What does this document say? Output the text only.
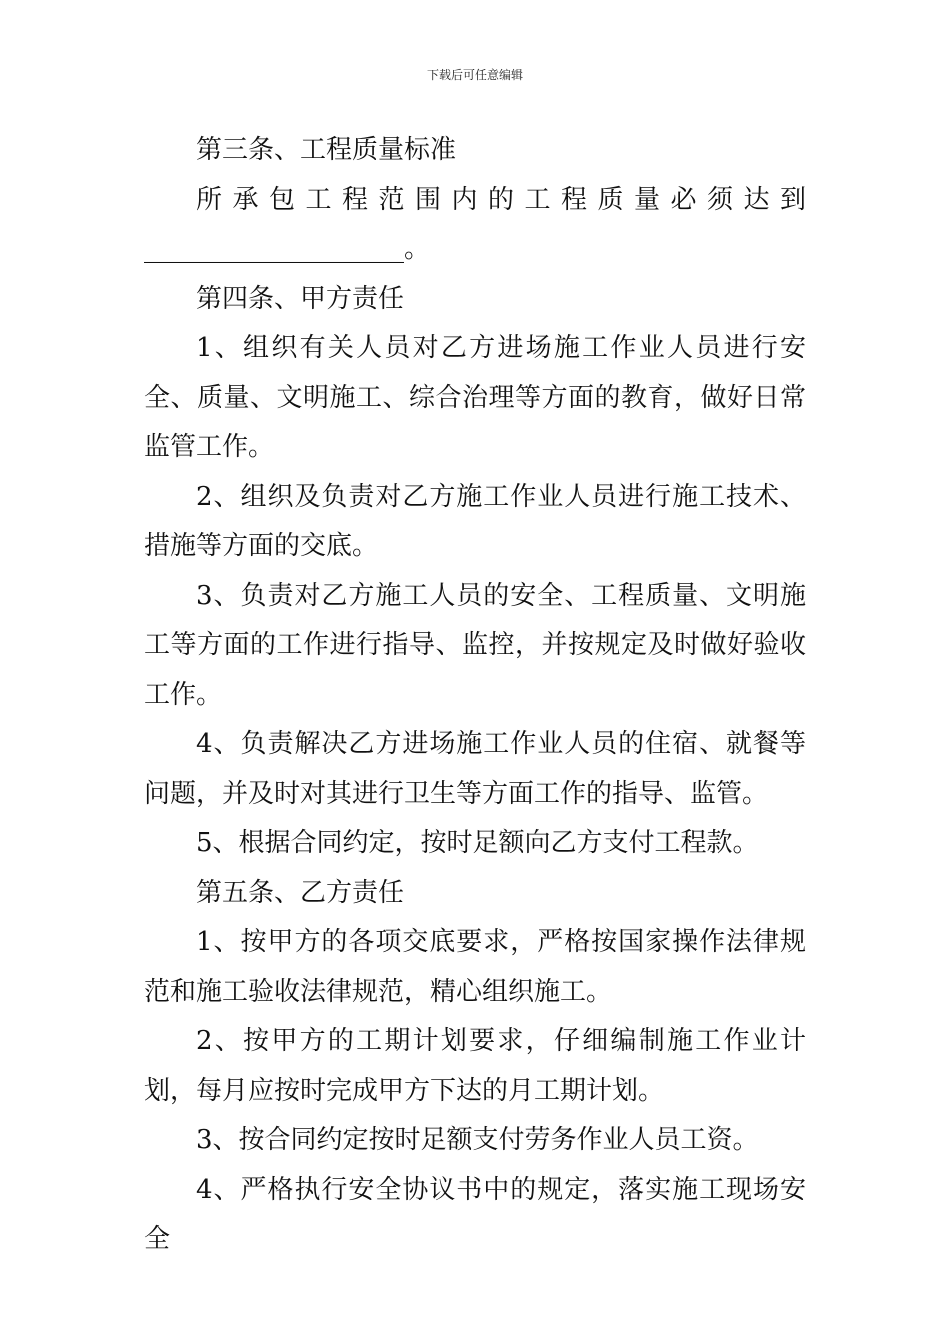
下载后可任意编辑

第三条、工程质量标准

所承包工程范围内的工程质量必须达到____________________。

第四条、甲方责任

1、组织有关人员对乙方进场施工作业人员进行安全、质量、文明施工、综合治理等方面的教育，做好日常监管工作。

2、组织及负责对乙方施工作业人员进行施工技术、措施等方面的交底。

3、负责对乙方施工人员的安全、工程质量、文明施工等方面的工作进行指导、监控，并按规定及时做好验收工作。

4、负责解决乙方进场施工作业人员的住宿、就餐等问题，并及时对其进行卫生等方面工作的指导、监管。

5、根据合同约定，按时足额向乙方支付工程款。

第五条、乙方责任

1、按甲方的各项交底要求，严格按国家操作法律规范和施工验收法律规范，精心组织施工。

2、按甲方的工期计划要求，仔细编制施工作业计划，每月应按时完成甲方下达的月工期计划。

3、按合同约定按时足额支付劳务作业人员工资。

4、严格执行安全协议书中的规定，落实施工现场安全
